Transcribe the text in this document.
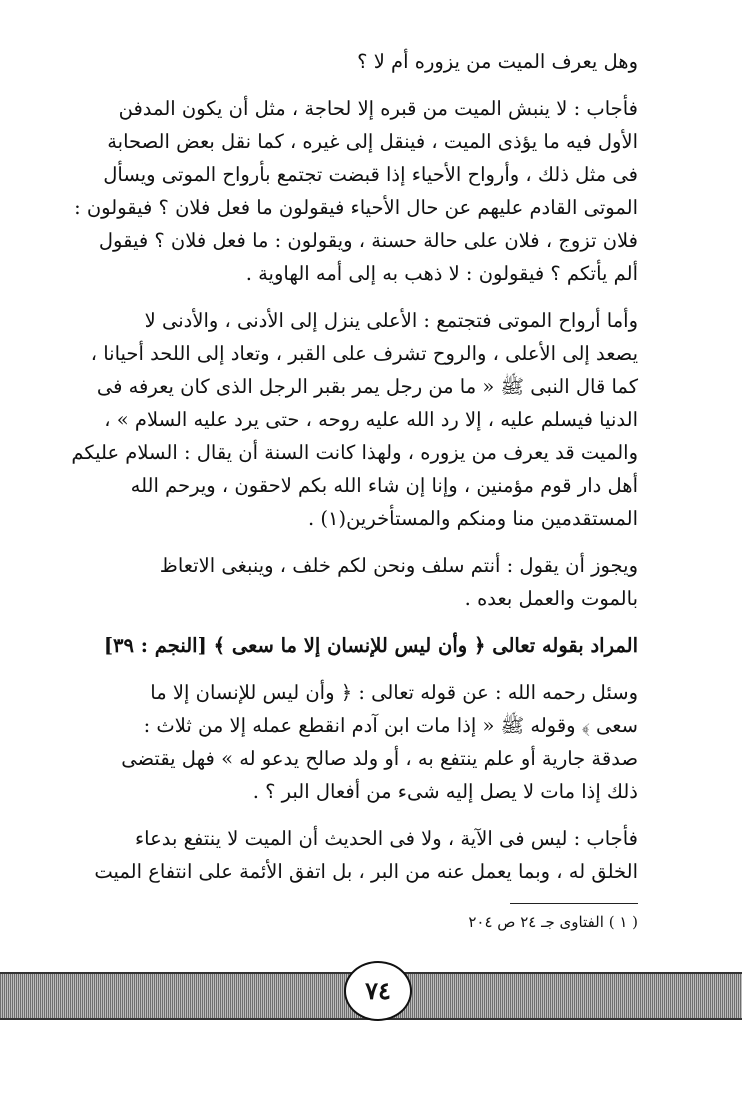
وهل يعرف الميت من يزوره أم لا ؟
فأجاب : لا ينبش الميت من قبره إلا لحاجة ، مثل أن يكون المدفن
الأول فيه ما يؤذى الميت ، فينقل إلى غيره ، كما نقل بعض الصحابة
فى مثل ذلك ، وأرواح الأحياء إذا قبضت تجتمع بأرواح الموتى ويسأل
الموتى القادم عليهم عن حال الأحياء فيقولون ما فعل فلان ؟ فيقولون :
فلان تزوج ، فلان على حالة حسنة ، ويقولون : ما فعل فلان ؟ فيقول
ألم يأتكم ؟ فيقولون : لا ذهب به إلى أمه الهاوية .
وأما أرواح الموتى فتجتمع : الأعلى ينزل إلى الأدنى ، والأدنى لا
يصعد إلى الأعلى ، والروح تشرف على القبر ، وتعاد إلى اللحد أحيانا ،
كما قال النبى ﷺ « ما من رجل يمر بقبر الرجل الذى كان يعرفه فى
الدنيا فيسلم عليه ، إلا رد الله عليه روحه ، حتى يرد عليه السلام » ،
والميت قد يعرف من يزوره ، ولهذا كانت السنة أن يقال : السلام عليكم
أهل دار قوم مؤمنين ، وإنا إن شاء الله بكم لاحقون ، ويرحم الله
المستقدمين منا ومنكم والمستأخرين(١) .
ويجوز أن يقول : أنتم سلف ونحن لكم خلف ، وينبغى الاتعاظ
بالموت والعمل بعده .
المراد بقوله تعالى ﴿ وأن ليس للإنسان إلا ما سعى ﴾ [النجم : ٣٩]
وسئل رحمه الله : عن قوله تعالى : ﴿ وأن ليس للإنسان إلا ما
سعى ﴾ وقوله ﷺ « إذا مات ابن آدم انقطع عمله إلا من ثلاث :
صدقة جارية أو علم ينتفع به ، أو ولد صالح يدعو له » فهل يقتضى
ذلك إذا مات لا يصل إليه شىء من أفعال البر ؟ .
فأجاب : ليس فى الآية ، ولا فى الحديث أن الميت لا ينتفع بدعاء
الخلق له ، وبما يعمل عنه من البر ، بل اتفق الأئمة على انتفاع الميت
( ١ ) الفتاوى جـ ٢٤ ص ٢٠٤
٧٤
